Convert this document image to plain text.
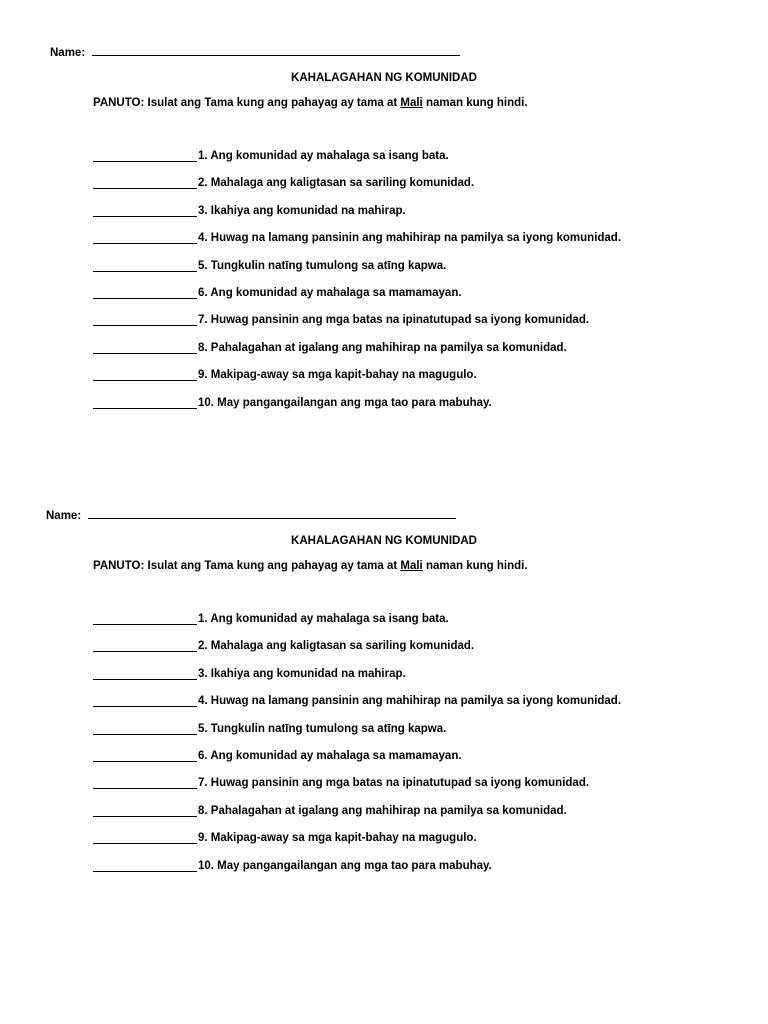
Name:
KAHALAGAHAN NG KOMUNIDAD
PANUTO: Isulat ang Tama kung ang pahayag ay tama at Mali naman kung hindi.
1. Ang komunidad ay mahalaga sa isang bata.
2. Mahalaga ang kaligtasan sa sariling komunidad.
3. Ikahiya ang komunidad na mahirap.
4. Huwag na lamang pansinin ang mahihirap na pamilya sa iyong komunidad.
5. Tungkulin natῑng tumulong sa atῑng kapwa.
6. Ang komunidad ay mahalaga sa mamamayan.
7. Huwag pansinin ang mga batas na ipinatutupad sa iyong komunidad.
8. Pahalagahan at igalang ang mahihirap na pamilya sa komunidad.
9. Makipag-away sa mga kapit-bahay na magugulo.
10. May pangangailangan ang mga tao para mabuhay.
Name:
KAHALAGAHAN NG KOMUNIDAD
PANUTO: Isulat ang Tama kung ang pahayag ay tama at Mali naman kung hindi.
1. Ang komunidad ay mahalaga sa isang bata.
2. Mahalaga ang kaligtasan sa sariling komunidad.
3. Ikahiya ang komunidad na mahirap.
4. Huwag na lamang pansinin ang mahihirap na pamilya sa iyong komunidad.
5. Tungkulin natῑng tumulong sa atῑng kapwa.
6. Ang komunidad ay mahalaga sa mamamayan.
7. Huwag pansinin ang mga batas na ipinatutupad sa iyong komunidad.
8. Pahalagahan at igalang ang mahihirap na pamilya sa komunidad.
9. Makipag-away sa mga kapit-bahay na magugulo.
10. May pangangailangan ang mga tao para mabuhay.
